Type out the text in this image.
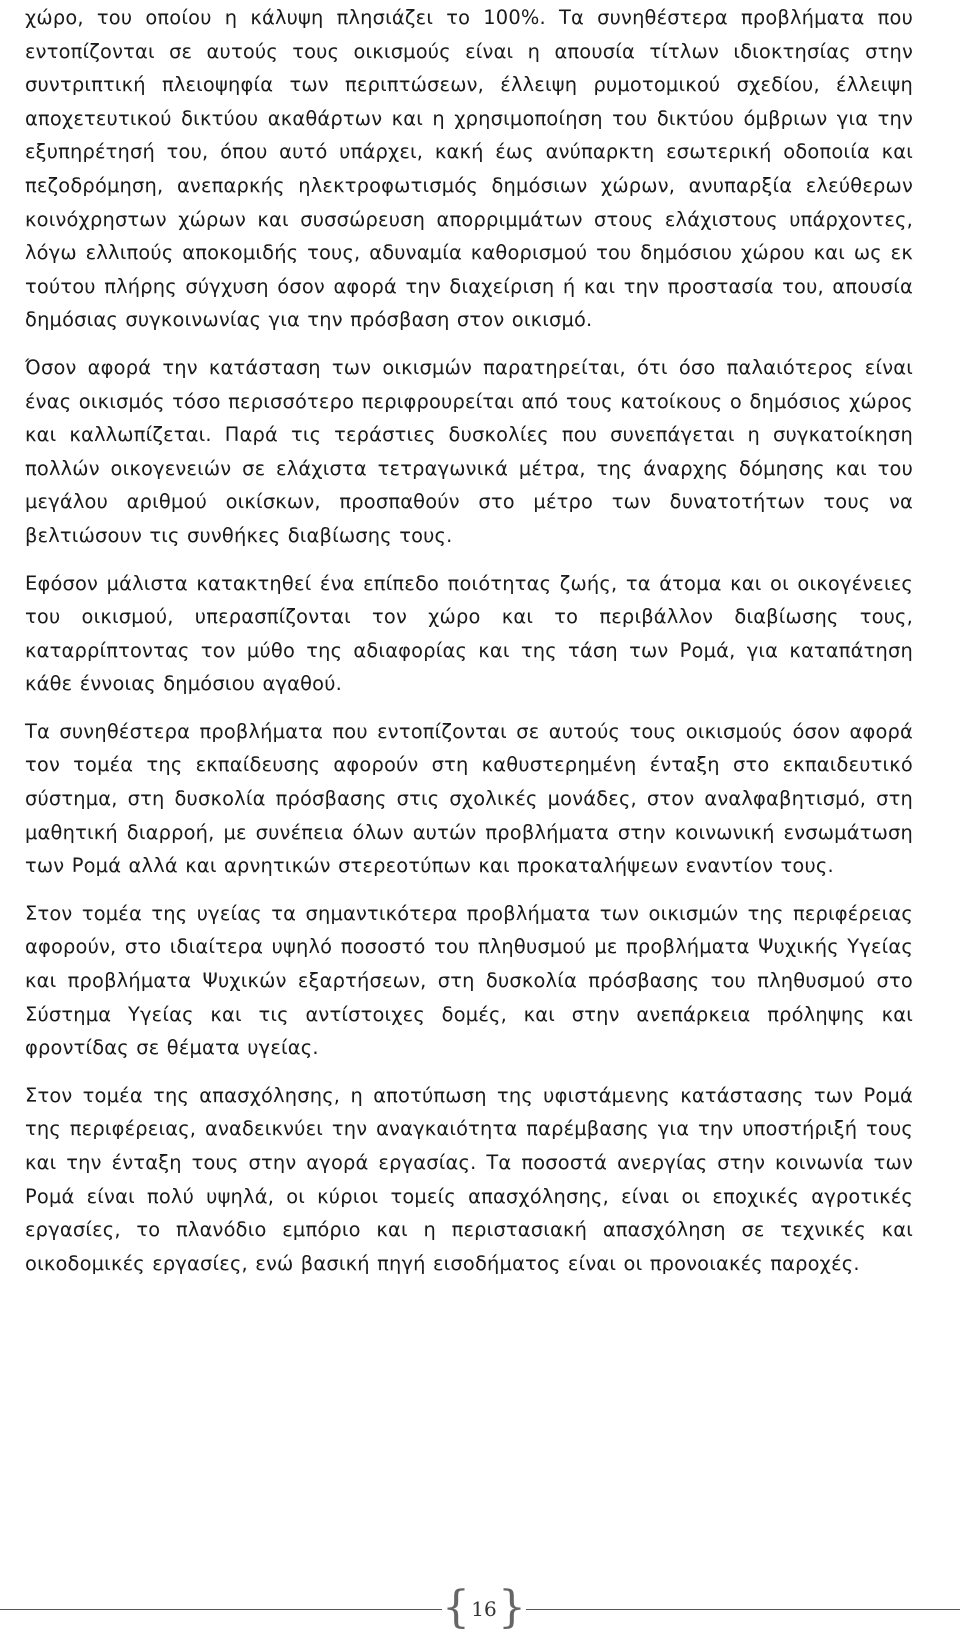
χώρο, του οποίου η κάλυψη πλησιάζει το 100%. Τα συνηθέστερα προβλήματα που εντοπίζονται σε αυτούς τους οικισμούς είναι η απουσία τίτλων ιδιοκτησίας στην συντριπτική πλειοψηφία των περιπτώσεων, έλλειψη ρυμοτομικού σχεδίου, έλλειψη αποχετευτικού δικτύου ακαθάρτων και η χρησιμοποίηση του δικτύου όμβριων για την εξυπηρέτησή του, όπου αυτό υπάρχει, κακή έως ανύπαρκτη εσωτερική οδοποιία και πεζοδρόμηση, ανεπαρκής ηλεκτροφωτισμός δημόσιων χώρων, ανυπαρξία ελεύθερων κοινόχρηστων χώρων και συσσώρευση απορριμμάτων στους ελάχιστους υπάρχοντες, λόγω ελλιπούς αποκομιδής τους, αδυναμία καθορισμού του δημόσιου χώρου και ως εκ τούτου πλήρης σύγχυση όσον αφορά την διαχείριση ή και την προστασία του, απουσία δημόσιας συγκοινωνίας για την πρόσβαση στον οικισμό.

Όσον αφορά την κατάσταση των οικισμών παρατηρείται, ότι όσο παλαιότερος είναι ένας οικισμός τόσο περισσότερο περιφρουρείται από τους κατοίκους ο δημόσιος χώρος και καλλωπίζεται. Παρά τις τεράστιες δυσκολίες που συνεπάγεται η συγκατοίκηση πολλών οικογενειών σε ελάχιστα τετραγωνικά μέτρα, της άναρχης δόμησης και του μεγάλου αριθμού οικίσκων, προσπαθούν στο μέτρο των δυνατοτήτων τους να βελτιώσουν τις συνθήκες διαβίωσης τους.

Εφόσον μάλιστα κατακτηθεί ένα επίπεδο ποιότητας ζωής, τα άτομα και οι οικογένειες του οικισμού, υπερασπίζονται τον χώρο και το περιβάλλον διαβίωσης τους, καταρρίπτοντας τον μύθο της αδιαφορίας και της τάση των Ρομά, για καταπάτηση κάθε έννοιας δημόσιου αγαθού.

Τα συνηθέστερα προβλήματα που εντοπίζονται σε αυτούς τους οικισμούς όσον αφορά τον τομέα της εκπαίδευσης αφορούν στη καθυστερημένη ένταξη στο εκπαιδευτικό σύστημα, στη δυσκολία πρόσβασης στις σχολικές μονάδες, στον αναλφαβητισμό, στη μαθητική διαρροή, με συνέπεια όλων αυτών προβλήματα στην κοινωνική ενσωμάτωση των Ρομά αλλά και αρνητικών στερεοτύπων και προκαταλήψεων εναντίον τους.

Στον τομέα της υγείας τα σημαντικότερα προβλήματα των οικισμών της περιφέρειας αφορούν, στο ιδιαίτερα υψηλό ποσοστό του πληθυσμού με προβλήματα Ψυχικής Υγείας και προβλήματα Ψυχικών εξαρτήσεων, στη δυσκολία πρόσβασης του πληθυσμού στο Σύστημα Υγείας και τις αντίστοιχες δομές, και στην ανεπάρκεια πρόληψης και φροντίδας σε θέματα υγείας.

Στον τομέα της απασχόλησης, η αποτύπωση της υφιστάμενης κατάστασης των Ρομά της περιφέρειας, αναδεικνύει την αναγκαιότητα παρέμβασης για την υποστήριξή τους και την ένταξη τους στην αγορά εργασίας. Τα ποσοστά ανεργίας στην κοινωνία των Ρομά είναι πολύ υψηλά, οι κύριοι τομείς απασχόλησης, είναι οι εποχικές αγροτικές εργασίες, το πλανόδιο εμπόριο και η περιστασιακή απασχόληση σε τεχνικές και οικοδομικές εργασίες, ενώ βασική πηγή εισοδήματος είναι οι προνοιακές παροχές.

{ 16 }
